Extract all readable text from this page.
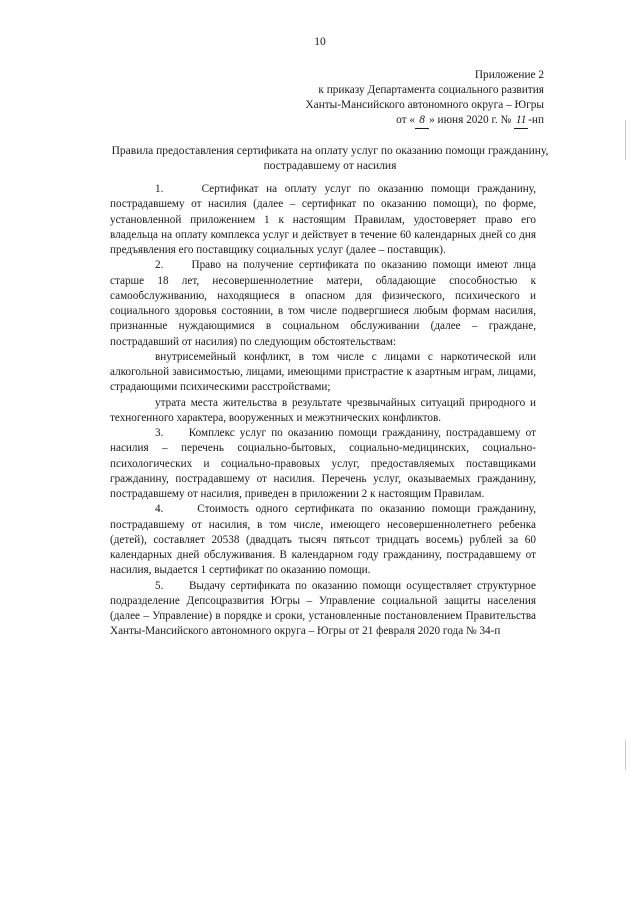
10
Приложение 2
к приказу Департамента социального развития
Ханты-Мансийского автономного округа – Югры
от « 8 » июня 2020 г. № 11 -нп
Правила предоставления сертификата на оплату услуг по оказанию помощи гражданину, пострадавшему от насилия

1.     Сертификат на оплату услуг по оказанию помощи гражданину, пострадавшему от насилия (далее – сертификат по оказанию помощи), по форме, установленной приложением 1 к настоящим Правилам, удостоверяет право его владельца на оплату комплекса услуг и действует в течение 60 календарных дней со дня предъявления его поставщику социальных услуг (далее – поставщик).

2.     Право на получение сертификата по оказанию помощи имеют лица старше 18 лет, несовершеннолетние матери, обладающие способностью к самообслуживанию, находящиеся в опасном для физического, психического и социального здоровья состоянии, в том числе подвергшиеся любым формам насилия, признанные нуждающимися в социальном обслуживании (далее – граждане, пострадавший от насилия) по следующим обстоятельствам:

внутрисемейный конфликт, в том числе с лицами с наркотической или алкогольной зависимостью, лицами, имеющими пристрастие к азартным играм, лицами, страдающими психическими расстройствами;

утрата места жительства в результате чрезвычайных ситуаций природного и техногенного характера, вооруженных и межэтнических конфликтов.

3.     Комплекс услуг по оказанию помощи гражданину, пострадавшему от насилия – перечень социально-бытовых, социально-медицинских, социально-психологических и социально-правовых услуг, предоставляемых поставщиками гражданину, пострадавшему от насилия. Перечень услуг, оказываемых гражданину, пострадавшему от насилия, приведен в приложении 2 к настоящим Правилам.

4.     Стоимость одного сертификата по оказанию помощи гражданину, пострадавшему от насилия, в том числе, имеющего несовершеннолетнего ребенка (детей), составляет 20538 (двадцать тысяч пятьсот тридцать восемь) рублей за 60 календарных дней обслуживания. В календарном году гражданину, пострадавшему от насилия, выдается 1 сертификат по оказанию помощи.

5.     Выдачу сертификата по оказанию помощи осуществляет структурное подразделение Депсоцразвития Югры – Управление социальной защиты населения (далее – Управление) в порядке и сроки, установленные постановлением Правительства Ханты-Мансийского автономного округа – Югры от 21 февраля 2020 года № 34-п
